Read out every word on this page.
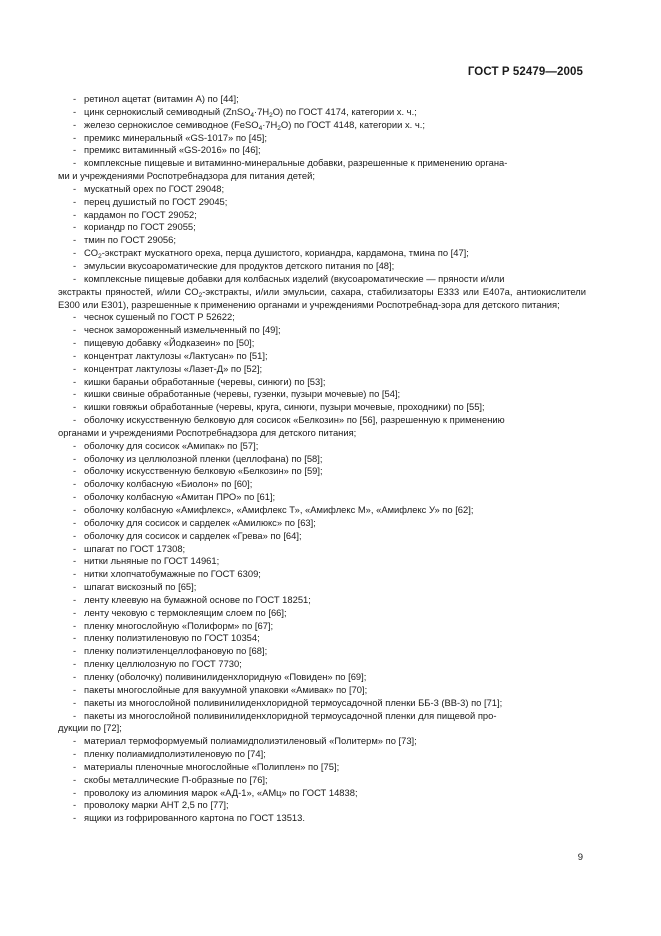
ГОСТ Р 52479—2005
- ретинол ацетат (витамин А) по [44];
- цинк сернокислый семиводный $(ZnSO_4\cdot 7H_2O)$ по ГОСТ 4174, категории х. ч.;
- железо сернокислое семиводное $(FeSO_4\cdot 7H_2O)$ по ГОСТ 4148, категории х. ч.;
- премикс минеральный «GS-1017» по [45];
- премикс витаминный «GS-2016» по [46];
- комплексные пищевые и витаминно-минеральные добавки, разрешенные к применению органа-
ми и учреждениями Роспотребнадзора для питания детей;
- мускатный орех по ГОСТ 29048;
- перец душистый по ГОСТ 29045;
- кардамон по ГОСТ 29052;
- кориандр по ГОСТ 29055;
- тмин по ГОСТ 29056;
- $CO_2$-экстракт мускатного ореха, перца душистого, кориандра, кардамона, тмина по [47];
- эмульсии вкусоароматические для продуктов детского питания по [48];
- комплексные пищевые добавки для колбасных изделий (вкусоароматические — пряности и/или
экстракты пряностей, и/или $CO_2$-экстракты, и/или эмульсии, сахара, стабилизаторы Е333 или Е407а, антиокислители Е300 или Е301), разрешенные к применению органами и учреждениями Роспотребнад-зора для детского питания;
- чеснок сушеный по ГОСТ Р 52622;
- чеснок замороженный измельченный по [49];
- пищевую добавку «Йодказеин» по [50];
- концентрат лактулозы «Лактусан» по [51];
- концентрат лактулозы «Лазет-Д» по [52];
- кишки бараньи обработанные (черевы, синюги) по [53];
- кишки свиные обработанные (черевы, гузенки, пузыри мочевые) по [54];
- кишки говяжьи обработанные (черевы, круга, синюги, пузыри мочевые, проходники) по [55];
- оболочку искусственную белковую для сосисок «Белкозин» по [56], разрешенную к применению
органами и учреждениями Роспотребнадзора для детского питания;
- оболочку для сосисок «Амипак» по [57];
- оболочку из целлюлозной пленки (целлофана) по [58];
- оболочку искусственную белковую «Белкозин» по [59];
- оболочку колбасную «Биолон» по [60];
- оболочку колбасную «Амитан ПРО» по [61];
- оболочку колбасную «Амифлекс», «Амифлекс Т», «Амифлекс М», «Амифлекс У» по [62];
- оболочку для сосисок и сарделек «Амилюкс» по [63];
- оболочку для сосисок и сарделек «Грева» по [64];
- шпагат по ГОСТ 17308;
- нитки льняные по ГОСТ 14961;
- нитки хлопчатобумажные по ГОСТ 6309;
- шпагат вискозный по [65];
- ленту клеевую на бумажной основе по ГОСТ 18251;
- ленту чековую с термоклеящим слоем по [66];
- пленку многослойную «Полиформ» по [67];
- пленку полиэтиленовую по ГОСТ 10354;
- пленку полиэтиленцеллофановую по [68];
- пленку целлюлозную по ГОСТ 7730;
- пленку (оболочку) поливинилиденхлоридную «Повиден» по [69];
- пакеты многослойные для вакуумной упаковки «Амивак» по [70];
- пакеты из многослойной поливинилиденхлоридной термоусадочной пленки ББ-3 (ВВ-3) по [71];
- пакеты из многослойной поливинилиденхлоридной термоусадочной пленки для пищевой про-
дукции по [72];
- материал термоформуемый полиамидполиэтиленовый «Политерм» по [73];
- пленку полиамидполиэтиленовую по [74];
- материалы пленочные многослойные «Полиплен» по [75];
- скобы металлические П-образные по [76];
- проволоку из алюминия марок «АД-1», «АМц» по ГОСТ 14838;
- проволоку марки АНТ 2,5 по [77];
- ящики из гофрированного картона по ГОСТ 13513.
9
